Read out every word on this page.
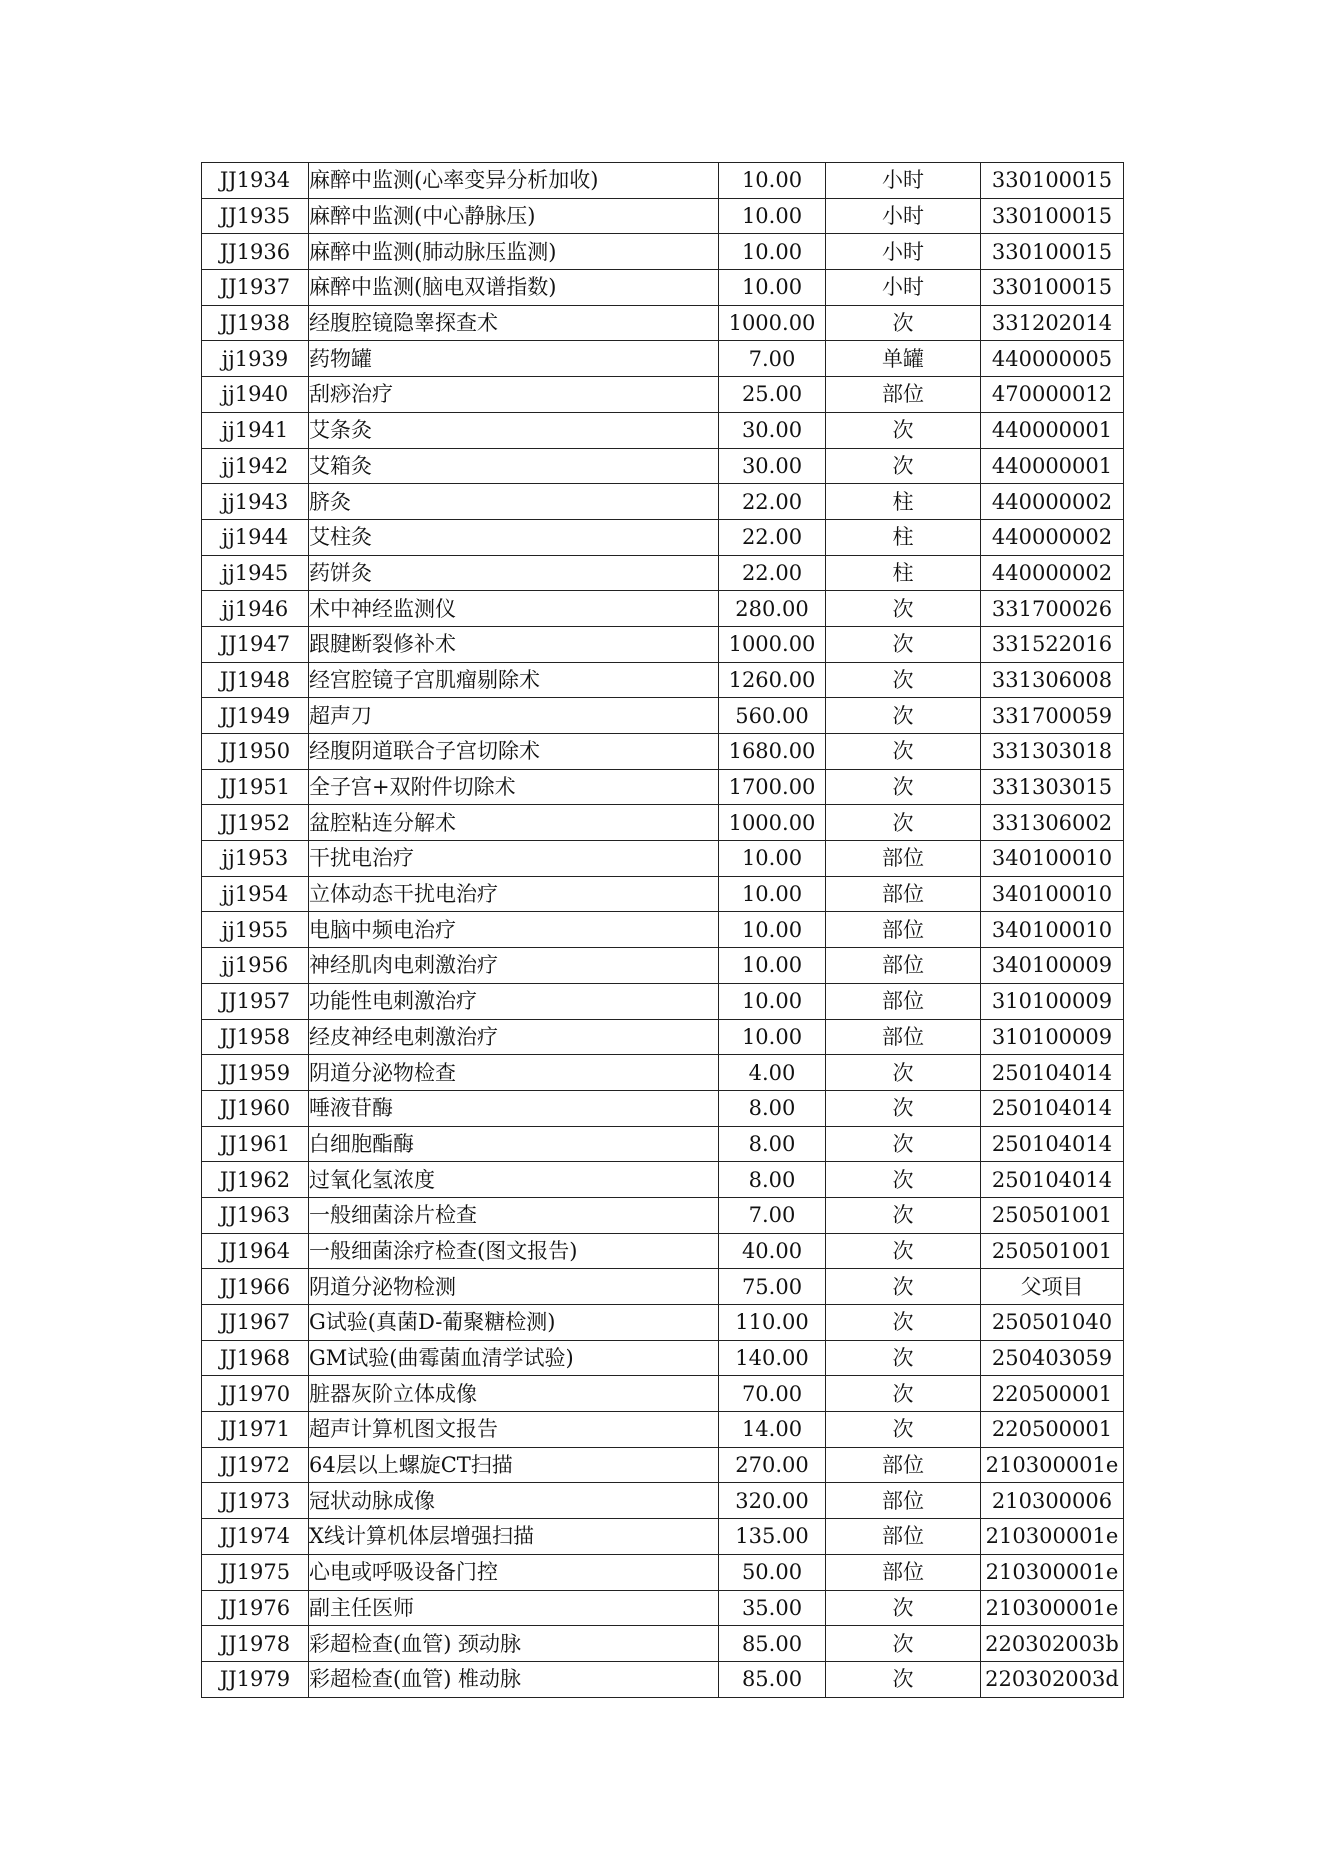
JJ1934	麻醉中监测(心率变异分析加收)	10.00	小时	330100015
JJ1935	麻醉中监测(中心静脉压)	10.00	小时	330100015
JJ1936	麻醉中监测(肺动脉压监测)	10.00	小时	330100015
JJ1937	麻醉中监测(脑电双谱指数)	10.00	小时	330100015
JJ1938	经腹腔镜隐睾探查术	1000.00	次	331202014
jj1939	药物罐	7.00	单罐	440000005
jj1940	刮痧治疗	25.00	部位	470000012
jj1941	艾条灸	30.00	次	440000001
jj1942	艾箱灸	30.00	次	440000001
jj1943	脐灸	22.00	柱	440000002
jj1944	艾柱灸	22.00	柱	440000002
jj1945	药饼灸	22.00	柱	440000002
jj1946	术中神经监测仪	280.00	次	331700026
JJ1947	跟腱断裂修补术	1000.00	次	331522016
JJ1948	经宫腔镜子宫肌瘤剔除术	1260.00	次	331306008
JJ1949	超声刀	560.00	次	331700059
JJ1950	经腹阴道联合子宫切除术	1680.00	次	331303018
JJ1951	全子宫+双附件切除术	1700.00	次	331303015
JJ1952	盆腔粘连分解术	1000.00	次	331306002
jj1953	干扰电治疗	10.00	部位	340100010
jj1954	立体动态干扰电治疗	10.00	部位	340100010
jj1955	电脑中频电治疗	10.00	部位	340100010
jj1956	神经肌肉电刺激治疗	10.00	部位	340100009
JJ1957	功能性电刺激治疗	10.00	部位	310100009
JJ1958	经皮神经电刺激治疗	10.00	部位	310100009
JJ1959	阴道分泌物检查	4.00	次	250104014
JJ1960	唾液苷酶	8.00	次	250104014
JJ1961	白细胞酯酶	8.00	次	250104014
JJ1962	过氧化氢浓度	8.00	次	250104014
JJ1963	一般细菌涂片检查	7.00	次	250501001
JJ1964	一般细菌涂疗检查(图文报告)	40.00	次	250501001
JJ1966	阴道分泌物检测	75.00	次	父项目
JJ1967	G试验(真菌D-葡聚糖检测)	110.00	次	250501040
JJ1968	GM试验(曲霉菌血清学试验)	140.00	次	250403059
JJ1970	脏器灰阶立体成像	70.00	次	220500001
JJ1971	超声计算机图文报告	14.00	次	220500001
JJ1972	64层以上螺旋CT扫描	270.00	部位	210300001e
JJ1973	冠状动脉成像	320.00	部位	210300006
JJ1974	X线计算机体层增强扫描	135.00	部位	210300001e
JJ1975	心电或呼吸设备门控	50.00	部位	210300001e
JJ1976	副主任医师	35.00	次	210300001e
JJ1978	彩超检查(血管) 颈动脉	85.00	次	220302003b
JJ1979	彩超检查(血管) 椎动脉	85.00	次	220302003d
